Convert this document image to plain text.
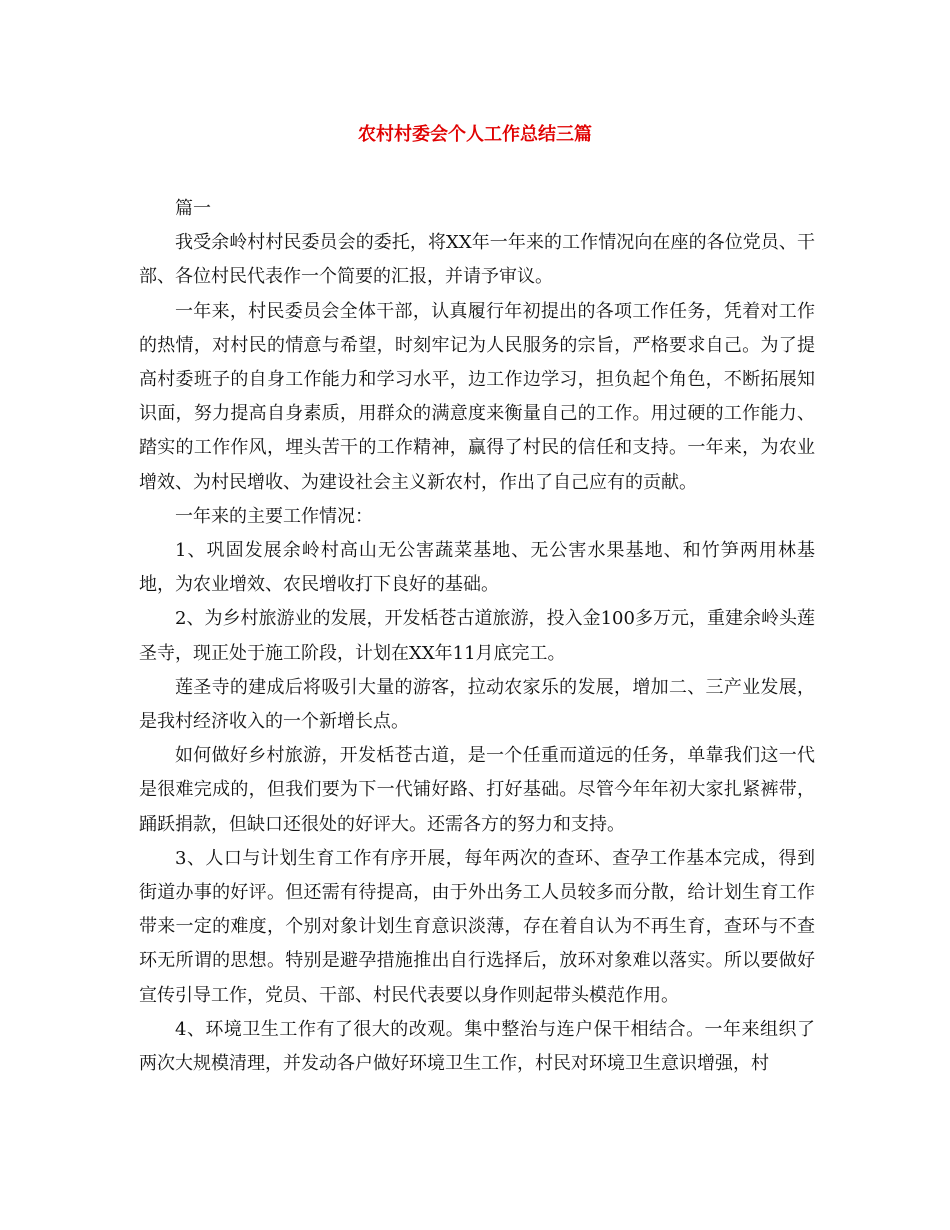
农村村委会个人工作总结三篇

篇一

我受余岭村村民委员会的委托，将XX年一年来的工作情况向在座的各位党员、干部、各位村民代表作一个简要的汇报，并请予审议。

一年来，村民委员会全体干部，认真履行年初提出的各项工作任务，凭着对工作的热情，对村民的情意与希望，时刻牢记为人民服务的宗旨，严格要求自己。为了提高村委班子的自身工作能力和学习水平，边工作边学习，担负起个角色，不断拓展知识面，努力提高自身素质，用群众的满意度来衡量自己的工作。用过硬的工作能力、踏实的工作作风，埋头苦干的工作精神，赢得了村民的信任和支持。一年来，为农业增效、为村民增收、为建设社会主义新农村，作出了自己应有的贡献。

一年来的主要工作情况：

1、巩固发展余岭村高山无公害蔬菜基地、无公害水果基地、和竹笋两用林基地，为农业增效、农民增收打下良好的基础。

2、为乡村旅游业的发展，开发栝苍古道旅游，投入金100多万元，重建余岭头莲圣寺，现正处于施工阶段，计划在XX年11月底完工。

莲圣寺的建成后将吸引大量的游客，拉动农家乐的发展，增加二、三产业发展，是我村经济收入的一个新增长点。

如何做好乡村旅游，开发栝苍古道，是一个任重而道远的任务，单靠我们这一代是很难完成的，但我们要为下一代铺好路、打好基础。尽管今年年初大家扎紧裤带，踊跃捐款，但缺口还很处的好评大。还需各方的努力和支持。

3、人口与计划生育工作有序开展，每年两次的查环、查孕工作基本完成，得到街道办事的好评。但还需有待提高，由于外出务工人员较多而分散，给计划生育工作带来一定的难度，个别对象计划生育意识淡薄，存在着自认为不再生育，查环与不查环无所谓的思想。特别是避孕措施推出自行选择后，放环对象难以落实。所以要做好宣传引导工作，党员、干部、村民代表要以身作则起带头模范作用。

4、环境卫生工作有了很大的改观。集中整治与连户保干相结合。一年来组织了两次大规模清理，并发动各户做好环境卫生工作，村民对环境卫生意识增强，村
